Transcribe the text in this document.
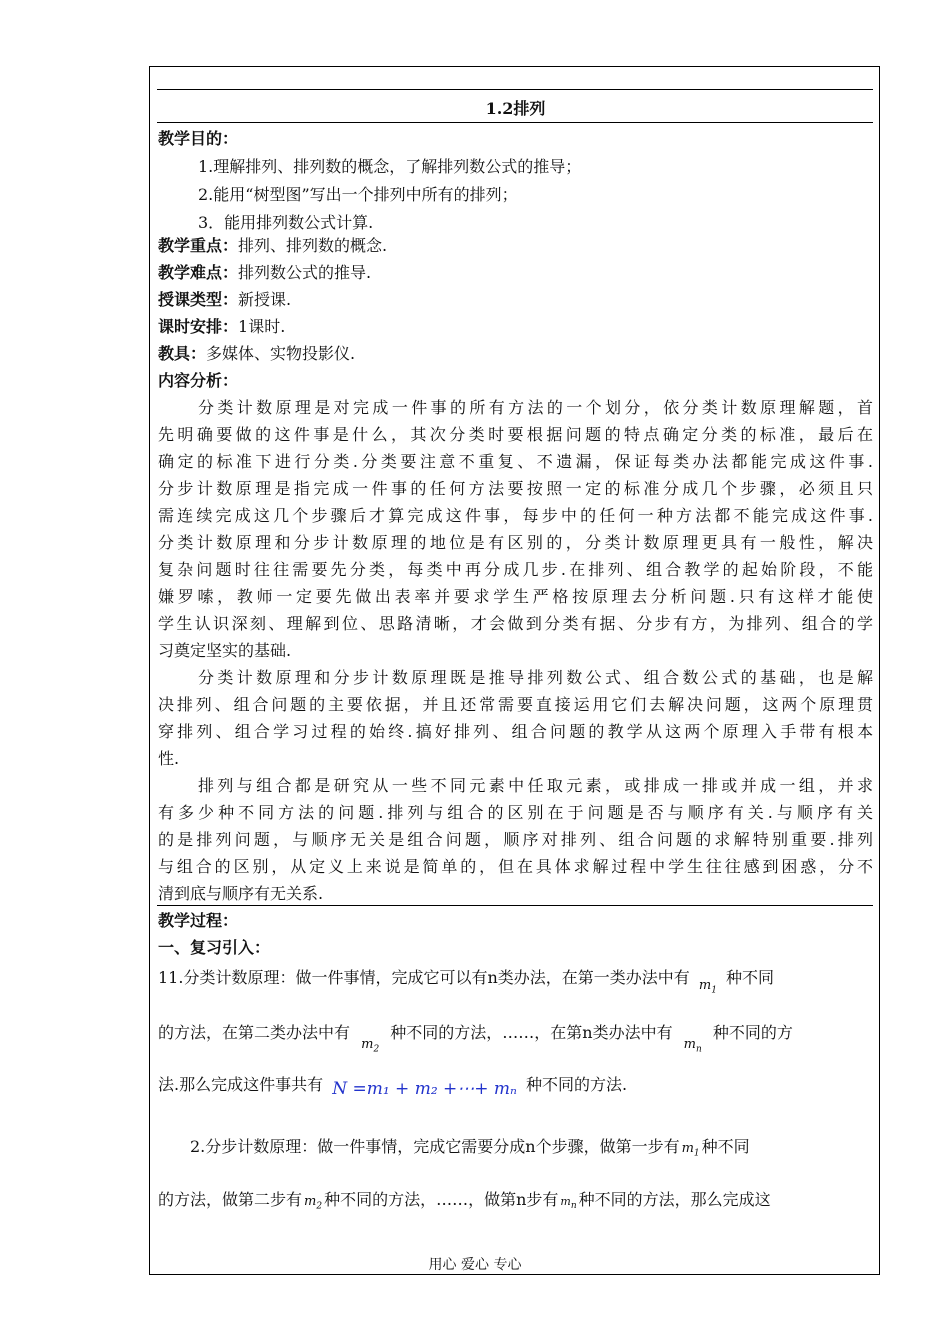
1.2排列
教学目的：
1.理解排列、排列数的概念，了解排列数公式的推导；
2.能用“树型图”写出一个排列中所有的排列；
3．能用排列数公式计算.
教学重点：排列、排列数的概念.
教学难点：排列数公式的推导.
授课类型：新授课.
课时安排：1课时.
教具：多媒体、实物投影仪.
内容分析：
分类计数原理是对完成一件事的所有方法的一个划分，依分类计数原理解题，首
先明确要做的这件事是什么，其次分类时要根据问题的特点确定分类的标准，最后在
确定的标准下进行分类.分类要注意不重复、不遗漏，保证每类办法都能完成这件事.
分步计数原理是指完成一件事的任何方法要按照一定的标准分成几个步骤，必须且只
需连续完成这几个步骤后才算完成这件事，每步中的任何一种方法都不能完成这件事.
分类计数原理和分步计数原理的地位是有区别的，分类计数原理更具有一般性，解决
复杂问题时往往需要先分类，每类中再分成几步.在排列、组合教学的起始阶段，不能
嫌罗嗦，教师一定要先做出表率并要求学生严格按原理去分析问题.只有这样才能使
学生认识深刻、理解到位、思路清晰，才会做到分类有据、分步有方，为排列、组合的学
习奠定坚实的基础.
分类计数原理和分步计数原理既是推导排列数公式、组合数公式的基础，也是解
决排列、组合问题的主要依据，并且还常需要直接运用它们去解决问题，这两个原理贯
穿排列、组合学习过程的始终.搞好排列、组合问题的教学从这两个原理入手带有根本
性.
排列与组合都是研究从一些不同元素中任取元素，或排成一排或并成一组，并求
有多少种不同方法的问题.排列与组合的区别在于问题是否与顺序有关.与顺序有关
的是排列问题，与顺序无关是组合问题，顺序对排列、组合问题的求解特别重要.排列
与组合的区别，从定义上来说是简单的，但在具体求解过程中学生往往感到困惑，分不
清到底与顺序有无关系.
教学过程：
一、复习引入：
11.分类计数原理：做一件事情，完成它可以有n类办法，在第一类办法中有 $_{m_1}$ 种不同
的方法，在第二类办法中有 $_{m_2}$ 种不同的方法，……，在第n类办法中有 $_{m_n}$ 种不同的方
法.那么完成这件事共有 N =m₁ + m₂ +⋯+ mₙ 种不同的方法.
2.分步计数原理：做一件事情，完成它需要分成n个步骤，做第一步有 $m_1$ 种不同
的方法，做第二步有 $m_2$ 种不同的方法，……，做第n步有 $m_n$ 种不同的方法，那么完成这
用心 爱心 专心
